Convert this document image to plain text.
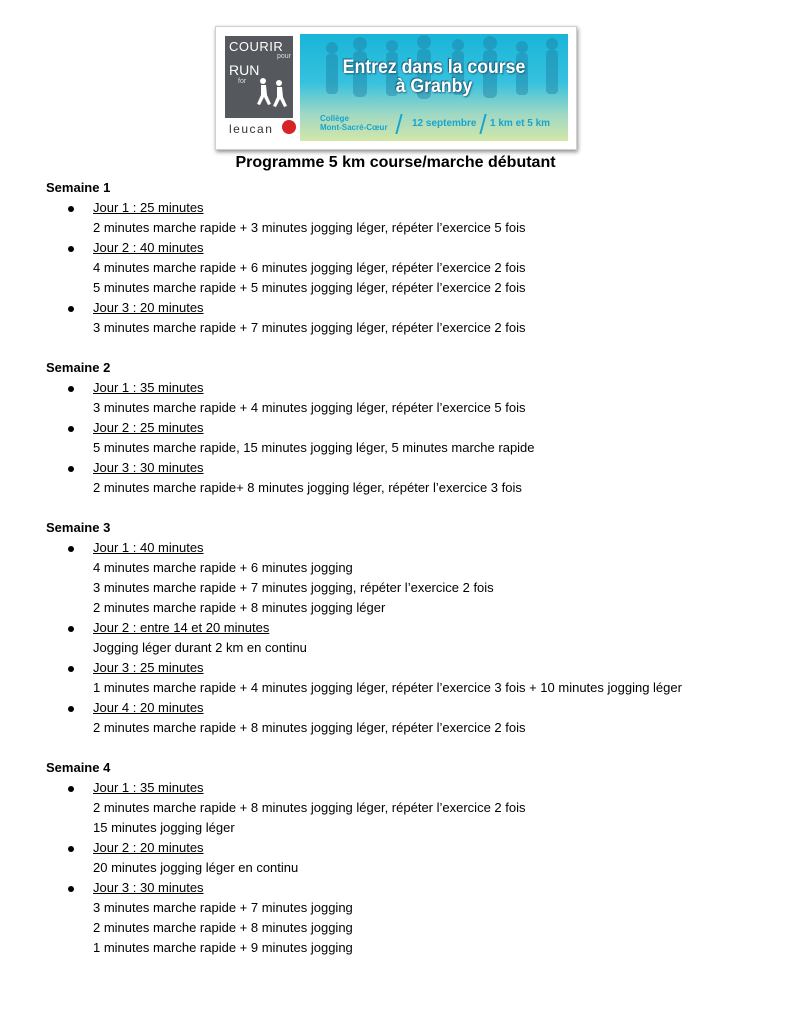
COURIR
pour
RUN
for
leucan
Entrez dans la course
à Granby
Collège
Mont-Sacré-Cœur 12 septembre 1 km et 5 km
Programme 5 km course/marche débutant
Semaine 1
Jour 1 : 25 minutes
2 minutes marche rapide + 3 minutes jogging léger, répéter l’exercice 5 fois
Jour 2 : 40 minutes
4 minutes marche rapide + 6 minutes jogging léger, répéter l’exercice 2 fois
5 minutes marche rapide + 5 minutes jogging léger, répéter l’exercice 2 fois
Jour 3 : 20 minutes
3 minutes marche rapide + 7 minutes jogging léger, répéter l’exercice 2 fois
Semaine 2
Jour 1 : 35 minutes
3 minutes marche rapide + 4 minutes jogging léger, répéter l’exercice 5 fois
Jour 2 : 25 minutes
5 minutes marche rapide, 15 minutes jogging léger, 5 minutes marche rapide
Jour 3 : 30 minutes
2 minutes marche rapide+ 8 minutes jogging léger, répéter l’exercice 3 fois
Semaine 3
Jour 1 : 40 minutes
4 minutes marche rapide + 6 minutes jogging
3 minutes marche rapide + 7 minutes jogging, répéter l’exercice 2 fois
2 minutes marche rapide + 8 minutes jogging léger
Jour 2 : entre 14 et 20 minutes
Jogging léger durant 2 km en continu
Jour 3 : 25 minutes
1 minutes marche rapide + 4 minutes jogging léger, répéter l’exercice 3 fois + 10 minutes jogging léger
Jour 4 : 20 minutes
2 minutes marche rapide + 8 minutes jogging léger, répéter l’exercice 2 fois
Semaine 4
Jour 1 : 35 minutes
2 minutes marche rapide + 8 minutes jogging léger, répéter l’exercice 2 fois
15 minutes jogging léger
Jour 2 : 20 minutes
20 minutes jogging léger en continu
Jour 3 : 30 minutes
3 minutes marche rapide + 7 minutes jogging
2 minutes marche rapide + 8 minutes jogging
1 minutes marche rapide + 9 minutes jogging
